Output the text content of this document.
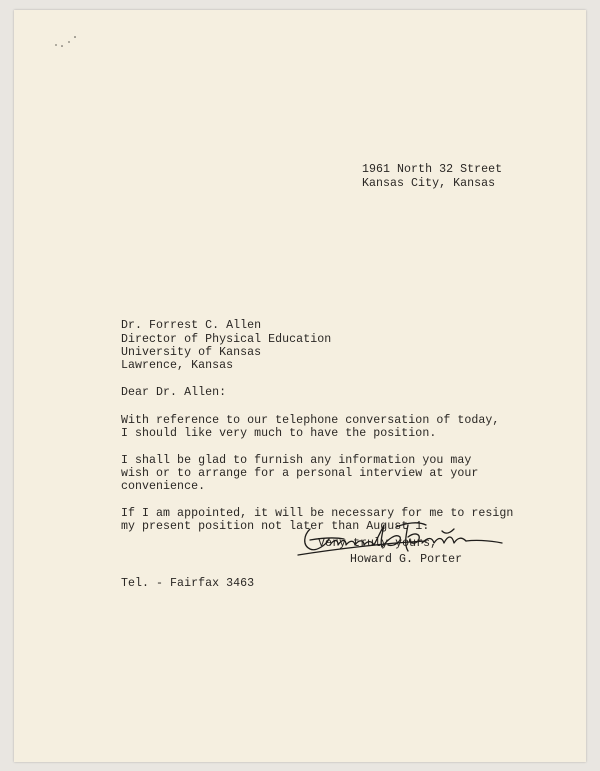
1961 North 32 Street
Kansas City, Kansas
Dr. Forrest C. Allen
Director of Physical Education
University of Kansas
Lawrence, Kansas
Dear Dr. Allen:
With reference to our telephone conversation of today,
I should like very much to have the position.
I shall be glad to furnish any information you may
wish or to arrange for a personal interview at your
convenience.
If I am appointed, it will be necessary for me to resign
my present position not later than August 1.
Very truly yours,
Howard G. Porter
Tel. - Fairfax 3463
